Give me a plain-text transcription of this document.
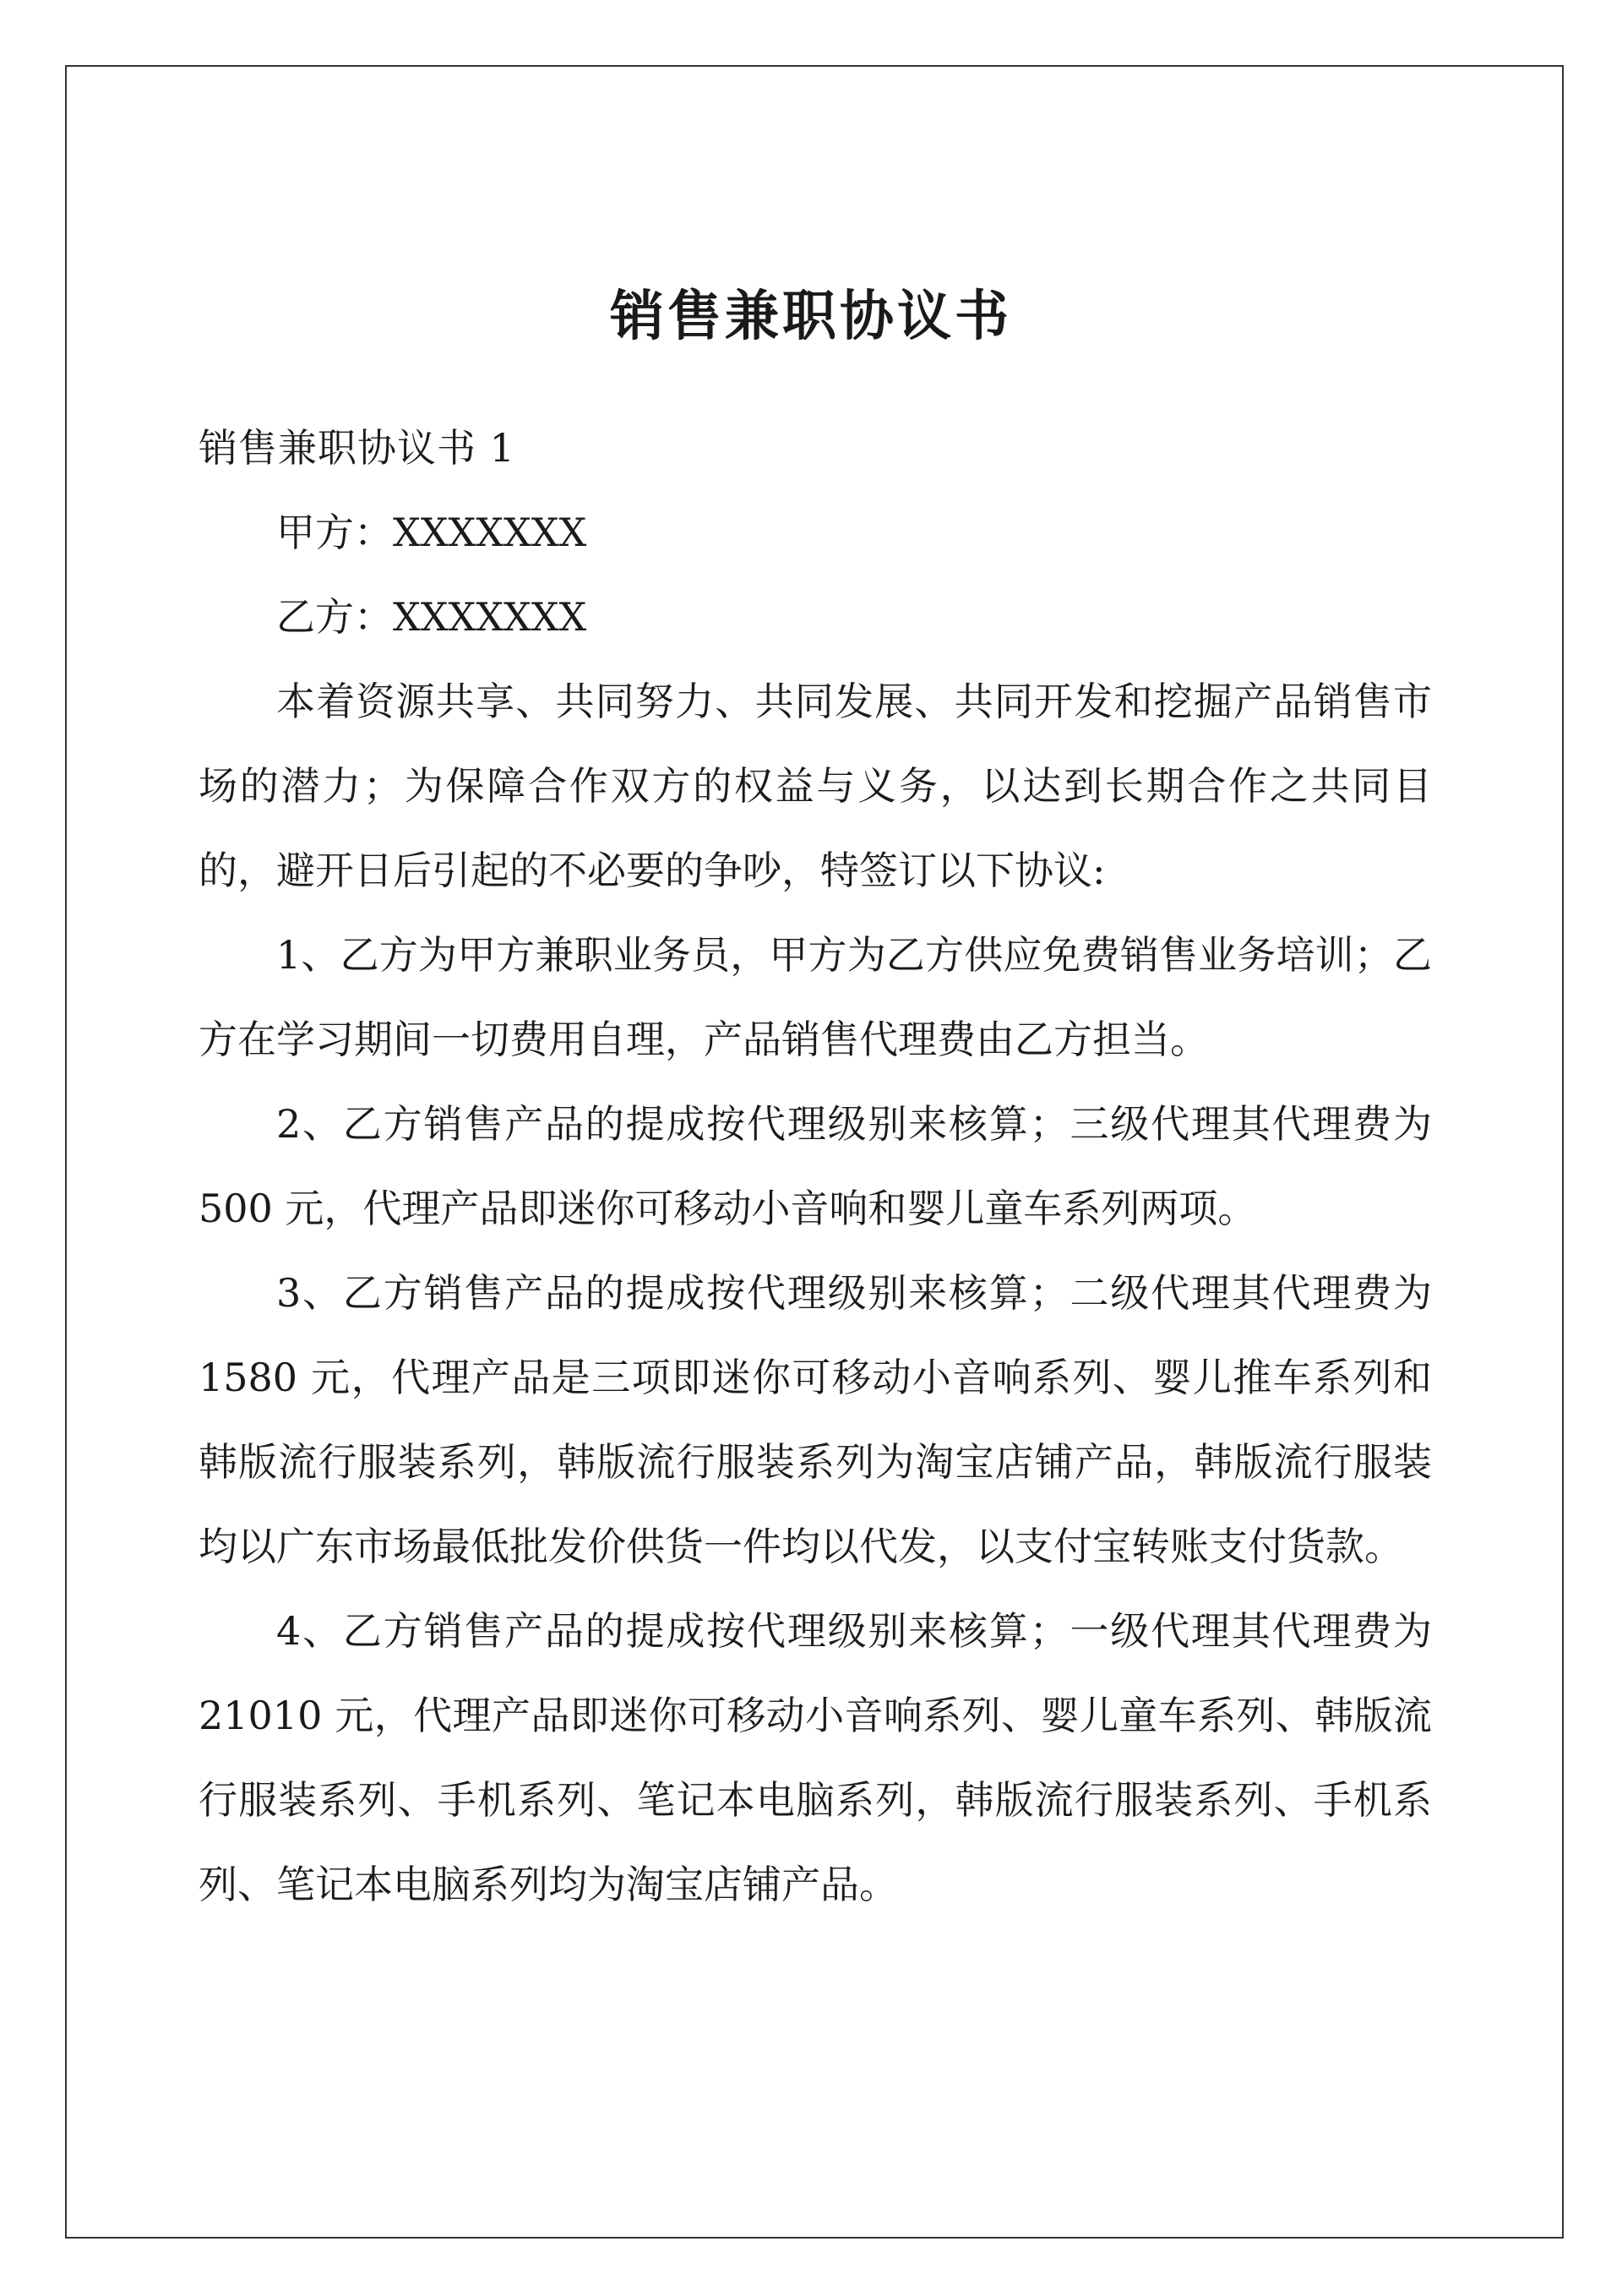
销售兼职协议书

销售兼职协议书 1

甲方：XXXXXXX

乙方：XXXXXXX

本着资源共享、共同努力、共同发展、共同开发和挖掘产品销售市场的潜力；为保障合作双方的权益与义务，以达到长期合作之共同目的，避开日后引起的不必要的争吵，特签订以下协议:

1、乙方为甲方兼职业务员，甲方为乙方供应免费销售业务培训；乙方在学习期间一切费用自理，产品销售代理费由乙方担当。

2、乙方销售产品的提成按代理级别来核算；三级代理其代理费为 500 元，代理产品即迷你可移动小音响和婴儿童车系列两项。

3、乙方销售产品的提成按代理级别来核算；二级代理其代理费为 1580 元，代理产品是三项即迷你可移动小音响系列、婴儿推车系列和韩版流行服装系列，韩版流行服装系列为淘宝店铺产品，韩版流行服装均以广东市场最低批发价供货一件均以代发，以支付宝转账支付货款。

4、乙方销售产品的提成按代理级别来核算；一级代理其代理费为 21010 元，代理产品即迷你可移动小音响系列、婴儿童车系列、韩版流行服装系列、手机系列、笔记本电脑系列，韩版流行服装系列、手机系列、笔记本电脑系列均为淘宝店铺产品。
